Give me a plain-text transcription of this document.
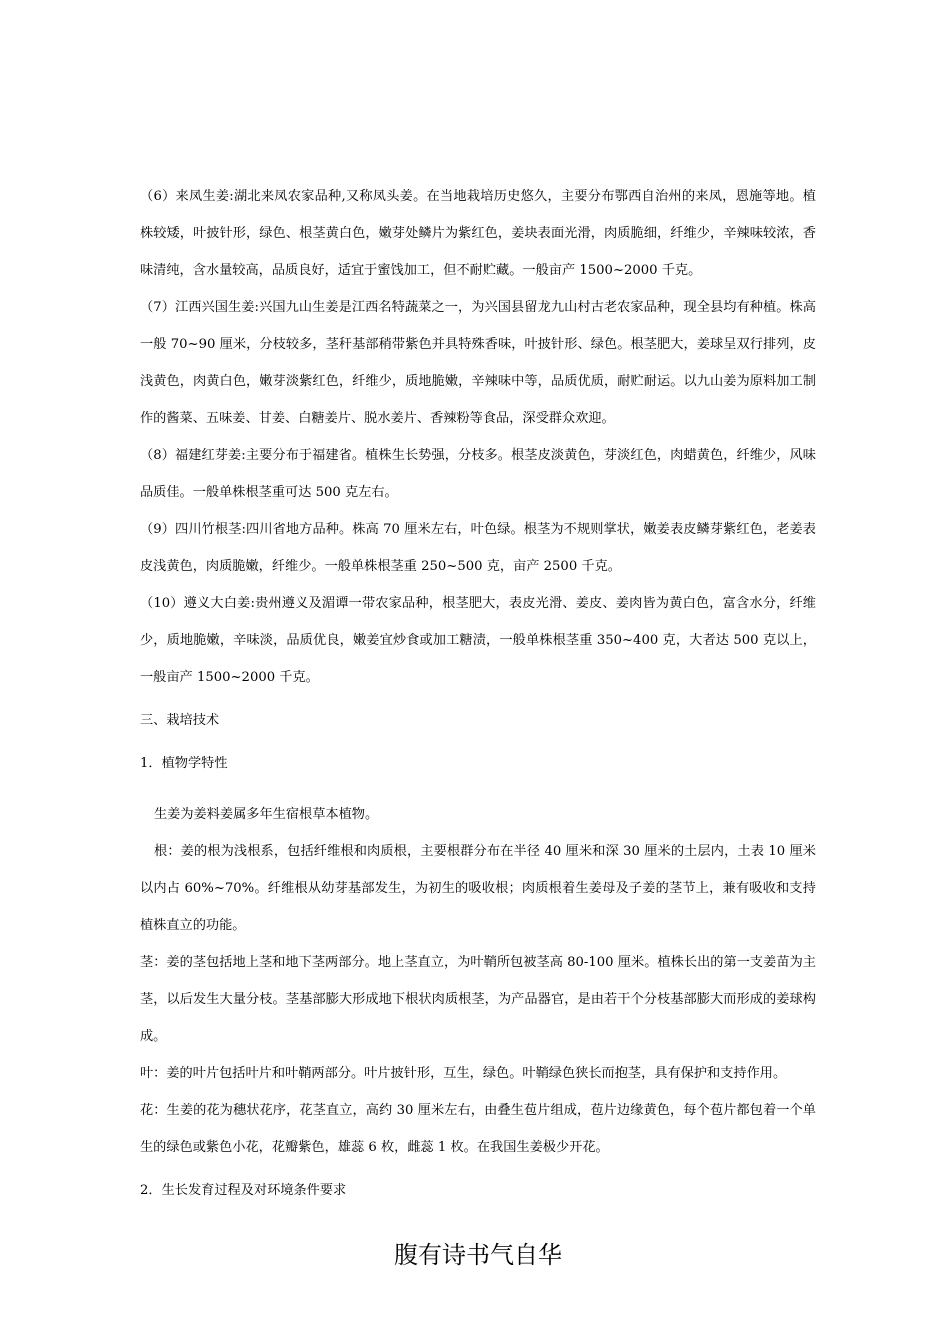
（6）来凤生姜:湖北来凤农家品种,又称凤头姜。在当地栽培历史悠久，主要分布鄂西自治州的来凤，恩施等地。植株较矮，叶披针形，绿色、根茎黄白色，嫩芽处鳞片为紫红色，姜块表面光滑，肉质脆细，纤维少，辛辣味较浓，香味清纯，含水量较高，品质良好，适宜于蜜饯加工，但不耐贮藏。一般亩产 1500~2000 千克。

（7）江西兴国生姜:兴国九山生姜是江西名特蔬菜之一，为兴国县留龙九山村古老农家品种，现全县均有种植。株高一般 70~90 厘米，分枝较多，茎秆基部稍带紫色并具特殊香味，叶披针形、绿色。根茎肥大，姜球呈双行排列，皮浅黄色，肉黄白色，嫩芽淡紫红色，纤维少，质地脆嫩，辛辣味中等，品质优质，耐贮耐运。以九山姜为原料加工制作的酱菜、五味姜、甘姜、白糖姜片、脱水姜片、香辣粉等食品，深受群众欢迎。

（8）福建红芽姜:主要分布于福建省。植株生长势强，分枝多。根茎皮淡黄色，芽淡红色，肉蜡黄色，纤维少，风味品质佳。一般单株根茎重可达 500 克左右。

（9）四川竹根茎:四川省地方品种。株高 70 厘米左右，叶色绿。根茎为不规则掌状，嫩姜表皮鳞芽紫红色，老姜表皮浅黄色，肉质脆嫩，纤维少。一般单株根茎重 250~500 克，亩产 2500 千克。

（10）遵义大白姜:贵州遵义及湄谭一带农家品种，根茎肥大，表皮光滑、姜皮、姜肉皆为黄白色，富含水分，纤维少，质地脆嫩，辛味淡，品质优良，嫩姜宜炒食或加工糖渍，一般单株根茎重 350~400 克，大者达 500 克以上，一般亩产 1500~2000 千克。

三、栽培技术

1．植物学特性

生姜为姜料姜属多年生宿根草本植物。

根：姜的根为浅根系，包括纤维根和肉质根，主要根群分布在半径 40 厘米和深 30 厘米的土层内，土表 10 厘米以内占 60%~70%。纤维根从幼芽基部发生，为初生的吸收根；肉质根着生姜母及子姜的茎节上，兼有吸收和支持植株直立的功能。

茎：姜的茎包括地上茎和地下茎两部分。地上茎直立，为叶鞘所包被茎高 80-100 厘米。植株长出的第一支姜苗为主茎，以后发生大量分枝。茎基部膨大形成地下根状肉质根茎，为产品器官，是由若干个分枝基部膨大而形成的姜球构成。

叶：姜的叶片包括叶片和叶鞘两部分。叶片披针形，互生，绿色。叶鞘绿色狭长而抱茎，具有保护和支持作用。

花：生姜的花为穗状花序，花茎直立，高约 30 厘米左右，由叠生苞片组成，苞片边缘黄色，每个苞片都包着一个单生的绿色或紫色小花，花瓣紫色，雄蕊 6 枚，雌蕊 1 枚。在我国生姜极少开花。

2．生长发育过程及对环境条件要求

腹有诗书气自华
